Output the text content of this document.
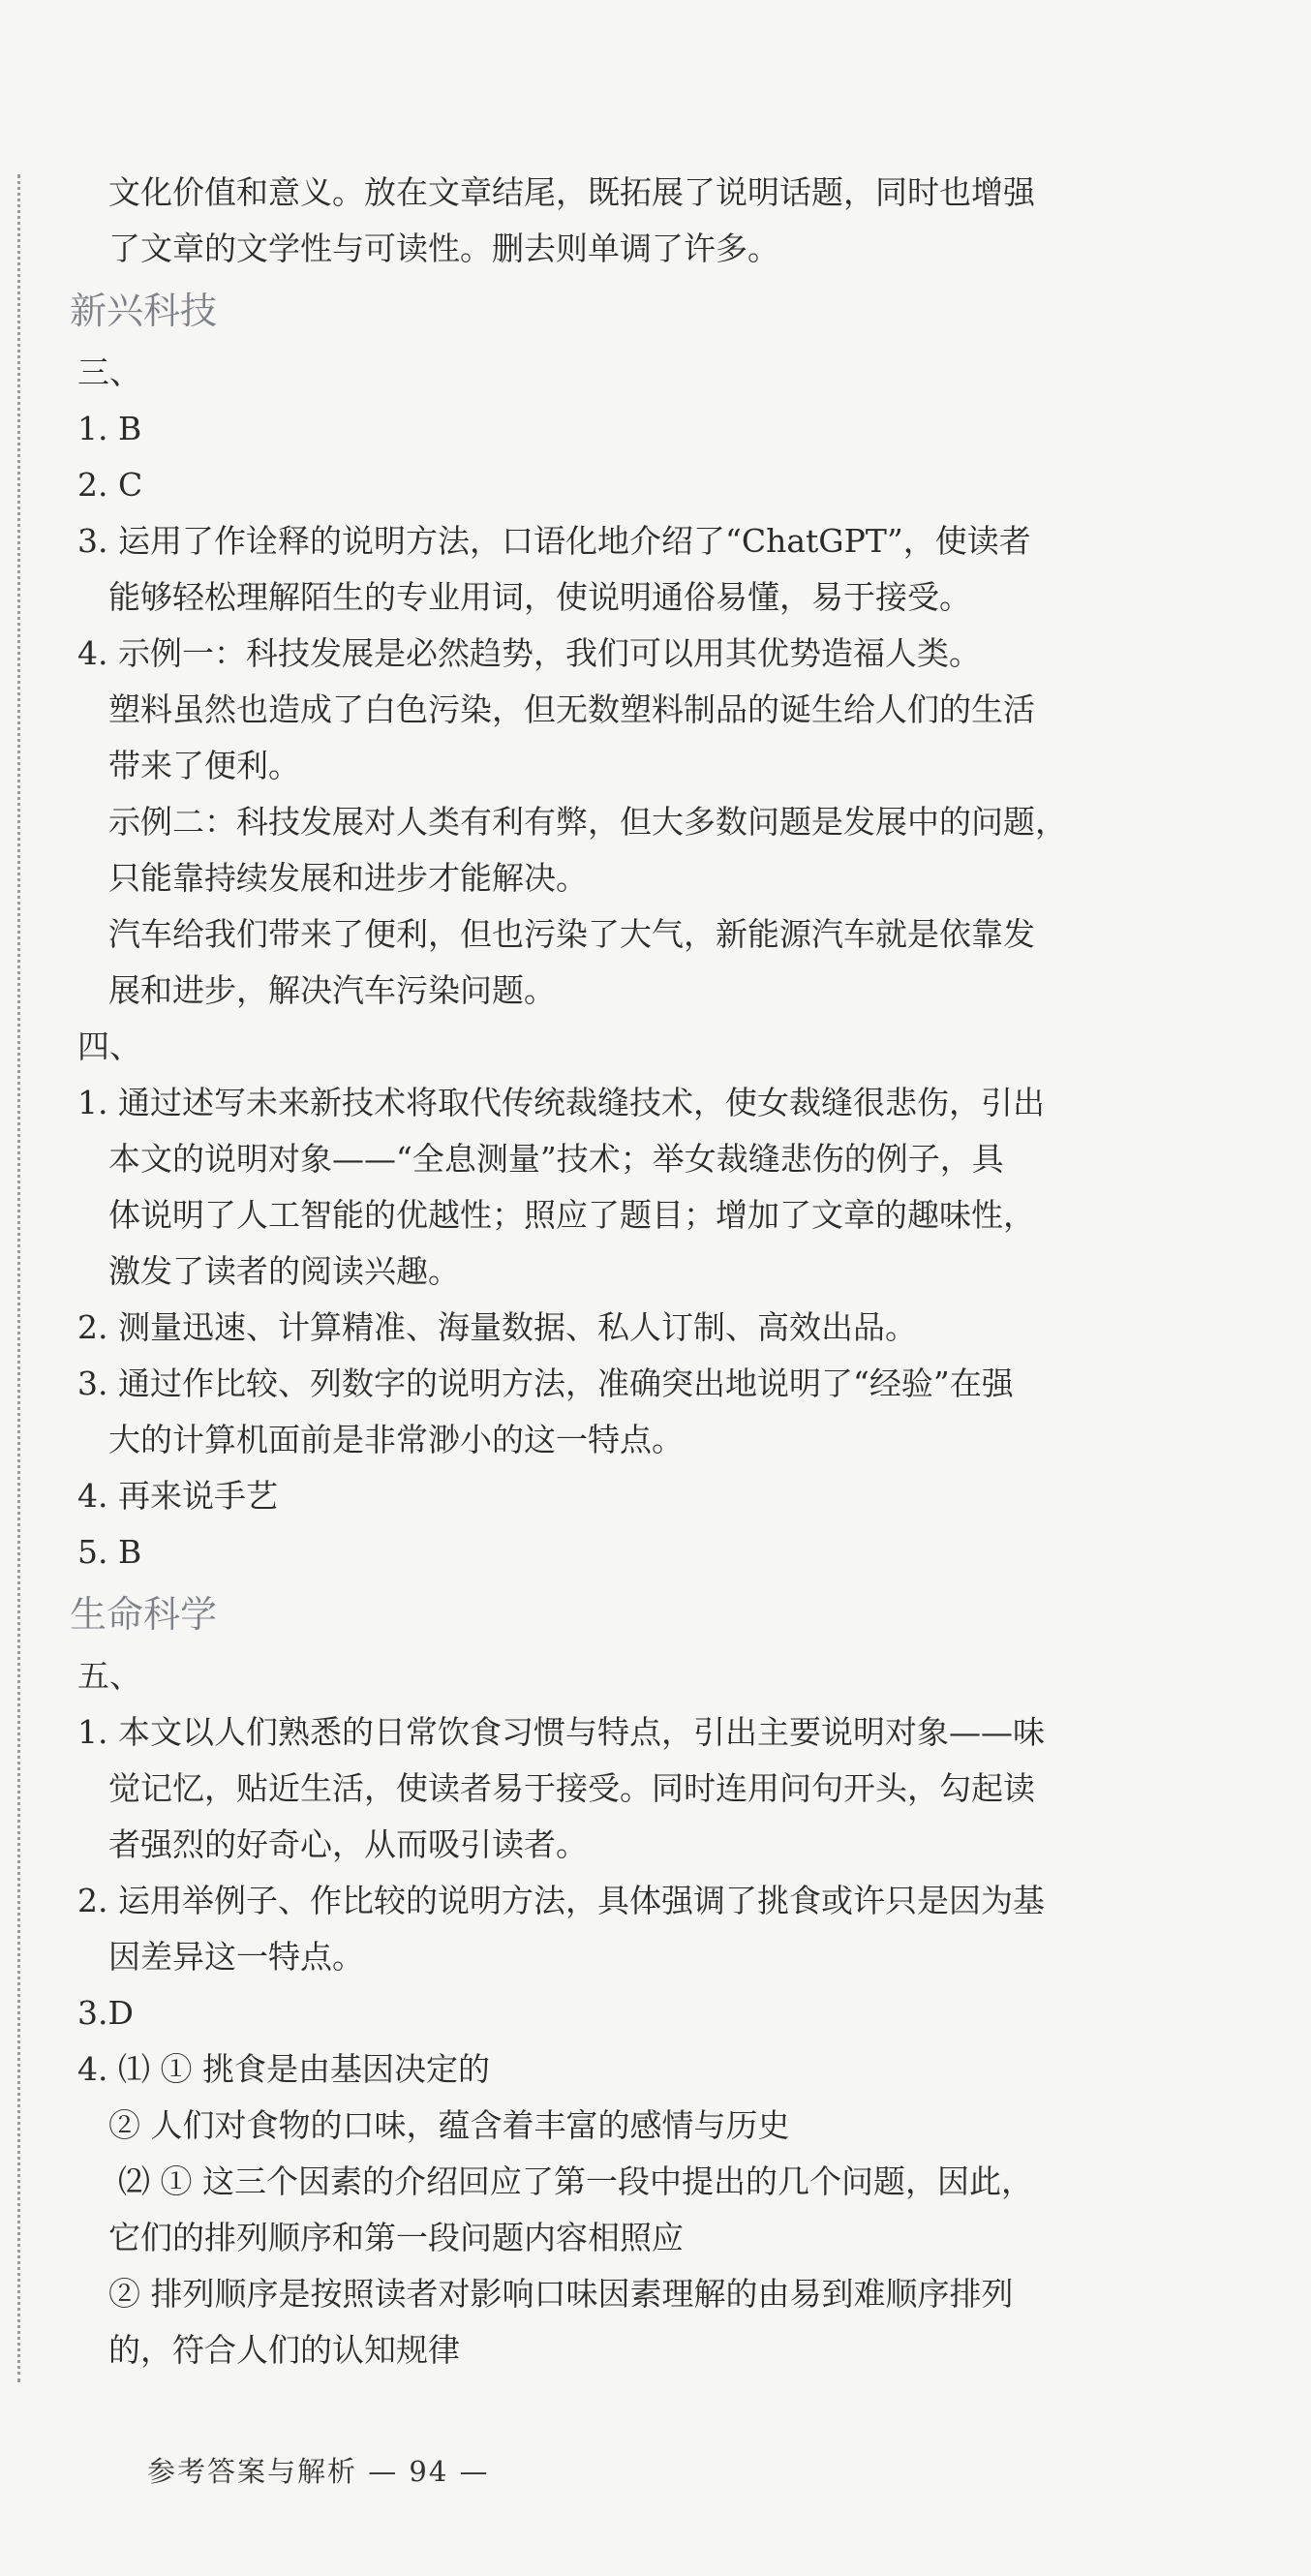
文化价值和意义。放在文章结尾，既拓展了说明话题，同时也增强
了文章的文学性与可读性。删去则单调了许多。
新兴科技
三、
1. B
2. C
3. 运用了作诠释的说明方法，口语化地介绍了“ChatGPT”，使读者
能够轻松理解陌生的专业用词，使说明通俗易懂，易于接受。
4. 示例一：科技发展是必然趋势，我们可以用其优势造福人类。
塑料虽然也造成了白色污染，但无数塑料制品的诞生给人们的生活
带来了便利。
示例二：科技发展对人类有利有弊，但大多数问题是发展中的问题，
只能靠持续发展和进步才能解决。
汽车给我们带来了便利，但也污染了大气，新能源汽车就是依靠发
展和进步，解决汽车污染问题。
四、
1. 通过述写未来新技术将取代传统裁缝技术，使女裁缝很悲伤，引出
本文的说明对象——“全息测量”技术；举女裁缝悲伤的例子，具
体说明了人工智能的优越性；照应了题目；增加了文章的趣味性，
激发了读者的阅读兴趣。
2. 测量迅速、计算精准、海量数据、私人订制、高效出品。
3. 通过作比较、列数字的说明方法，准确突出地说明了“经验”在强
大的计算机面前是非常渺小的这一特点。
4. 再来说手艺
5. B
生命科学
五、
1. 本文以人们熟悉的日常饮食习惯与特点，引出主要说明对象——味
觉记忆，贴近生活，使读者易于接受。同时连用问句开头，勾起读
者强烈的好奇心，从而吸引读者。
2. 运用举例子、作比较的说明方法，具体强调了挑食或许只是因为基
因差异这一特点。
3.D
4. ⑴ ① 挑食是由基因决定的
② 人们对食物的口味，蕴含着丰富的感情与历史
⑵ ① 这三个因素的介绍回应了第一段中提出的几个问题，因此，
它们的排列顺序和第一段问题内容相照应
② 排列顺序是按照读者对影响口味因素理解的由易到难顺序排列
的，符合人们的认知规律
参考答案与解析 — 94 —
